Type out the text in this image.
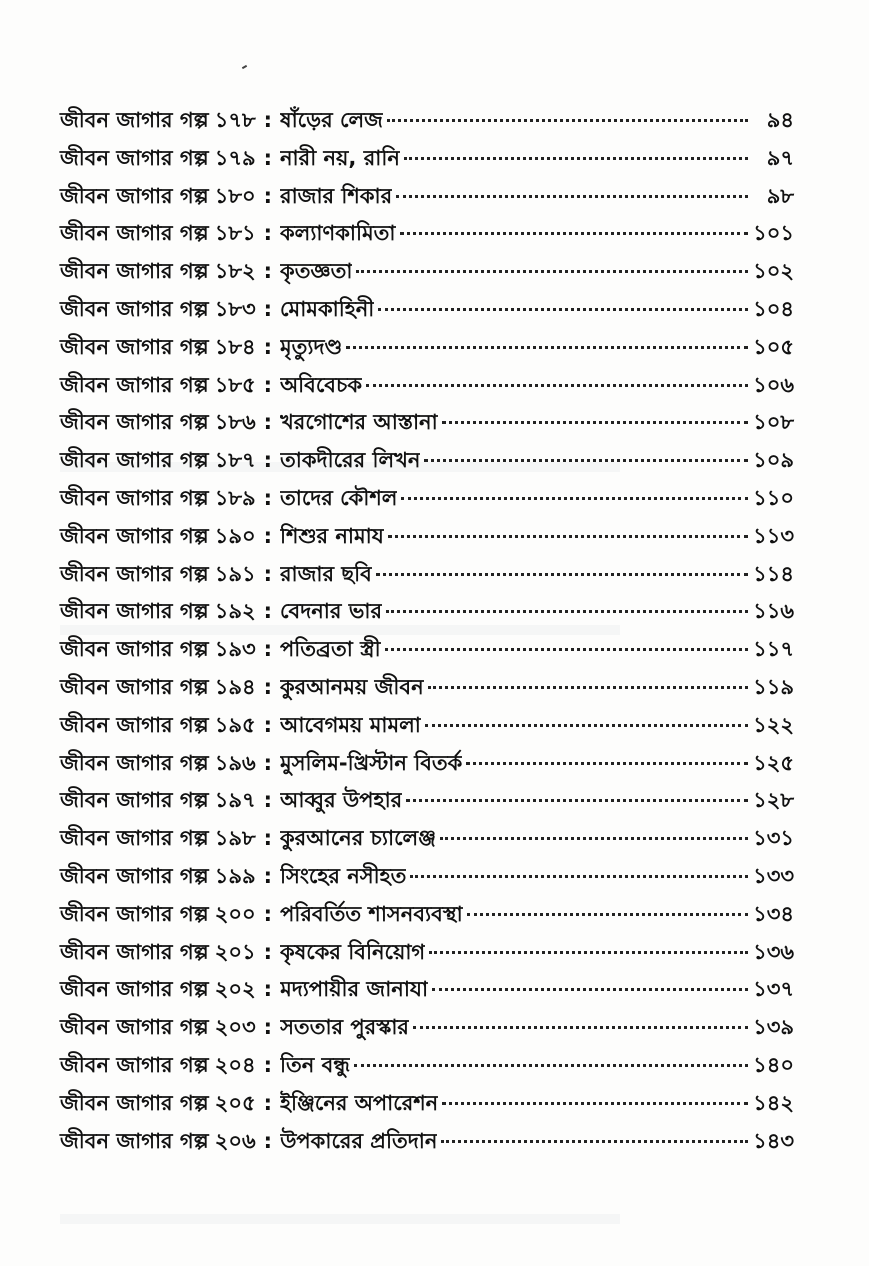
জীবন জাগার গল্প ১৭৮ : ষাঁড়ের লেজ	৯৪
জীবন জাগার গল্প ১৭৯ : নারী নয়, রানি	৯৭
জীবন জাগার গল্প ১৮০ : রাজার শিকার	৯৮
জীবন জাগার গল্প ১৮১ : কল্যাণকামিতা	১০১
জীবন জাগার গল্প ১৮২ : কৃতজ্ঞতা	১০২
জীবন জাগার গল্প ১৮৩ : মোমকাহিনী	১০৪
জীবন জাগার গল্প ১৮৪ : মৃত্যুদণ্ড	১০৫
জীবন জাগার গল্প ১৮৫ : অবিবেচক	১০৬
জীবন জাগার গল্প ১৮৬ : খরগোশের আস্তানা	১০৮
জীবন জাগার গল্প ১৮৭ : তাকদীরের লিখন	১০৯
জীবন জাগার গল্প ১৮৯ : তাদের কৌশল	১১০
জীবন জাগার গল্প ১৯০ : শিশুর নামায	১১৩
জীবন জাগার গল্প ১৯১ : রাজার ছবি	১১৪
জীবন জাগার গল্প ১৯২ : বেদনার ভার	১১৬
জীবন জাগার গল্প ১৯৩ : পতিব্রতা স্ত্রী	১১৭
জীবন জাগার গল্প ১৯৪ : কুরআনময় জীবন	১১৯
জীবন জাগার গল্প ১৯৫ : আবেগময় মামলা	১২২
জীবন জাগার গল্প ১৯৬ : মুসলিম-খ্রিস্টান বিতর্ক	১২৫
জীবন জাগার গল্প ১৯৭ : আব্বুর উপহার	১২৮
জীবন জাগার গল্প ১৯৮ : কুরআনের চ্যালেঞ্জ	১৩১
জীবন জাগার গল্প ১৯৯ : সিংহের নসীহত	১৩৩
জীবন জাগার গল্প ২০০ : পরিবর্তিত শাসনব্যবস্থা	১৩৪
জীবন জাগার গল্প ২০১ : কৃষকের বিনিয়োগ	১৩৬
জীবন জাগার গল্প ২০২ : মদ্যপায়ীর জানাযা	১৩৭
জীবন জাগার গল্প ২০৩ : সততার পুরস্কার	১৩৯
জীবন জাগার গল্প ২০৪ : তিন বন্ধু	১৪০
জীবন জাগার গল্প ২০৫ : ইঞ্জিনের অপারেশন	১৪২
জীবন জাগার গল্প ২০৬ : উপকারের প্রতিদান	১৪৩
